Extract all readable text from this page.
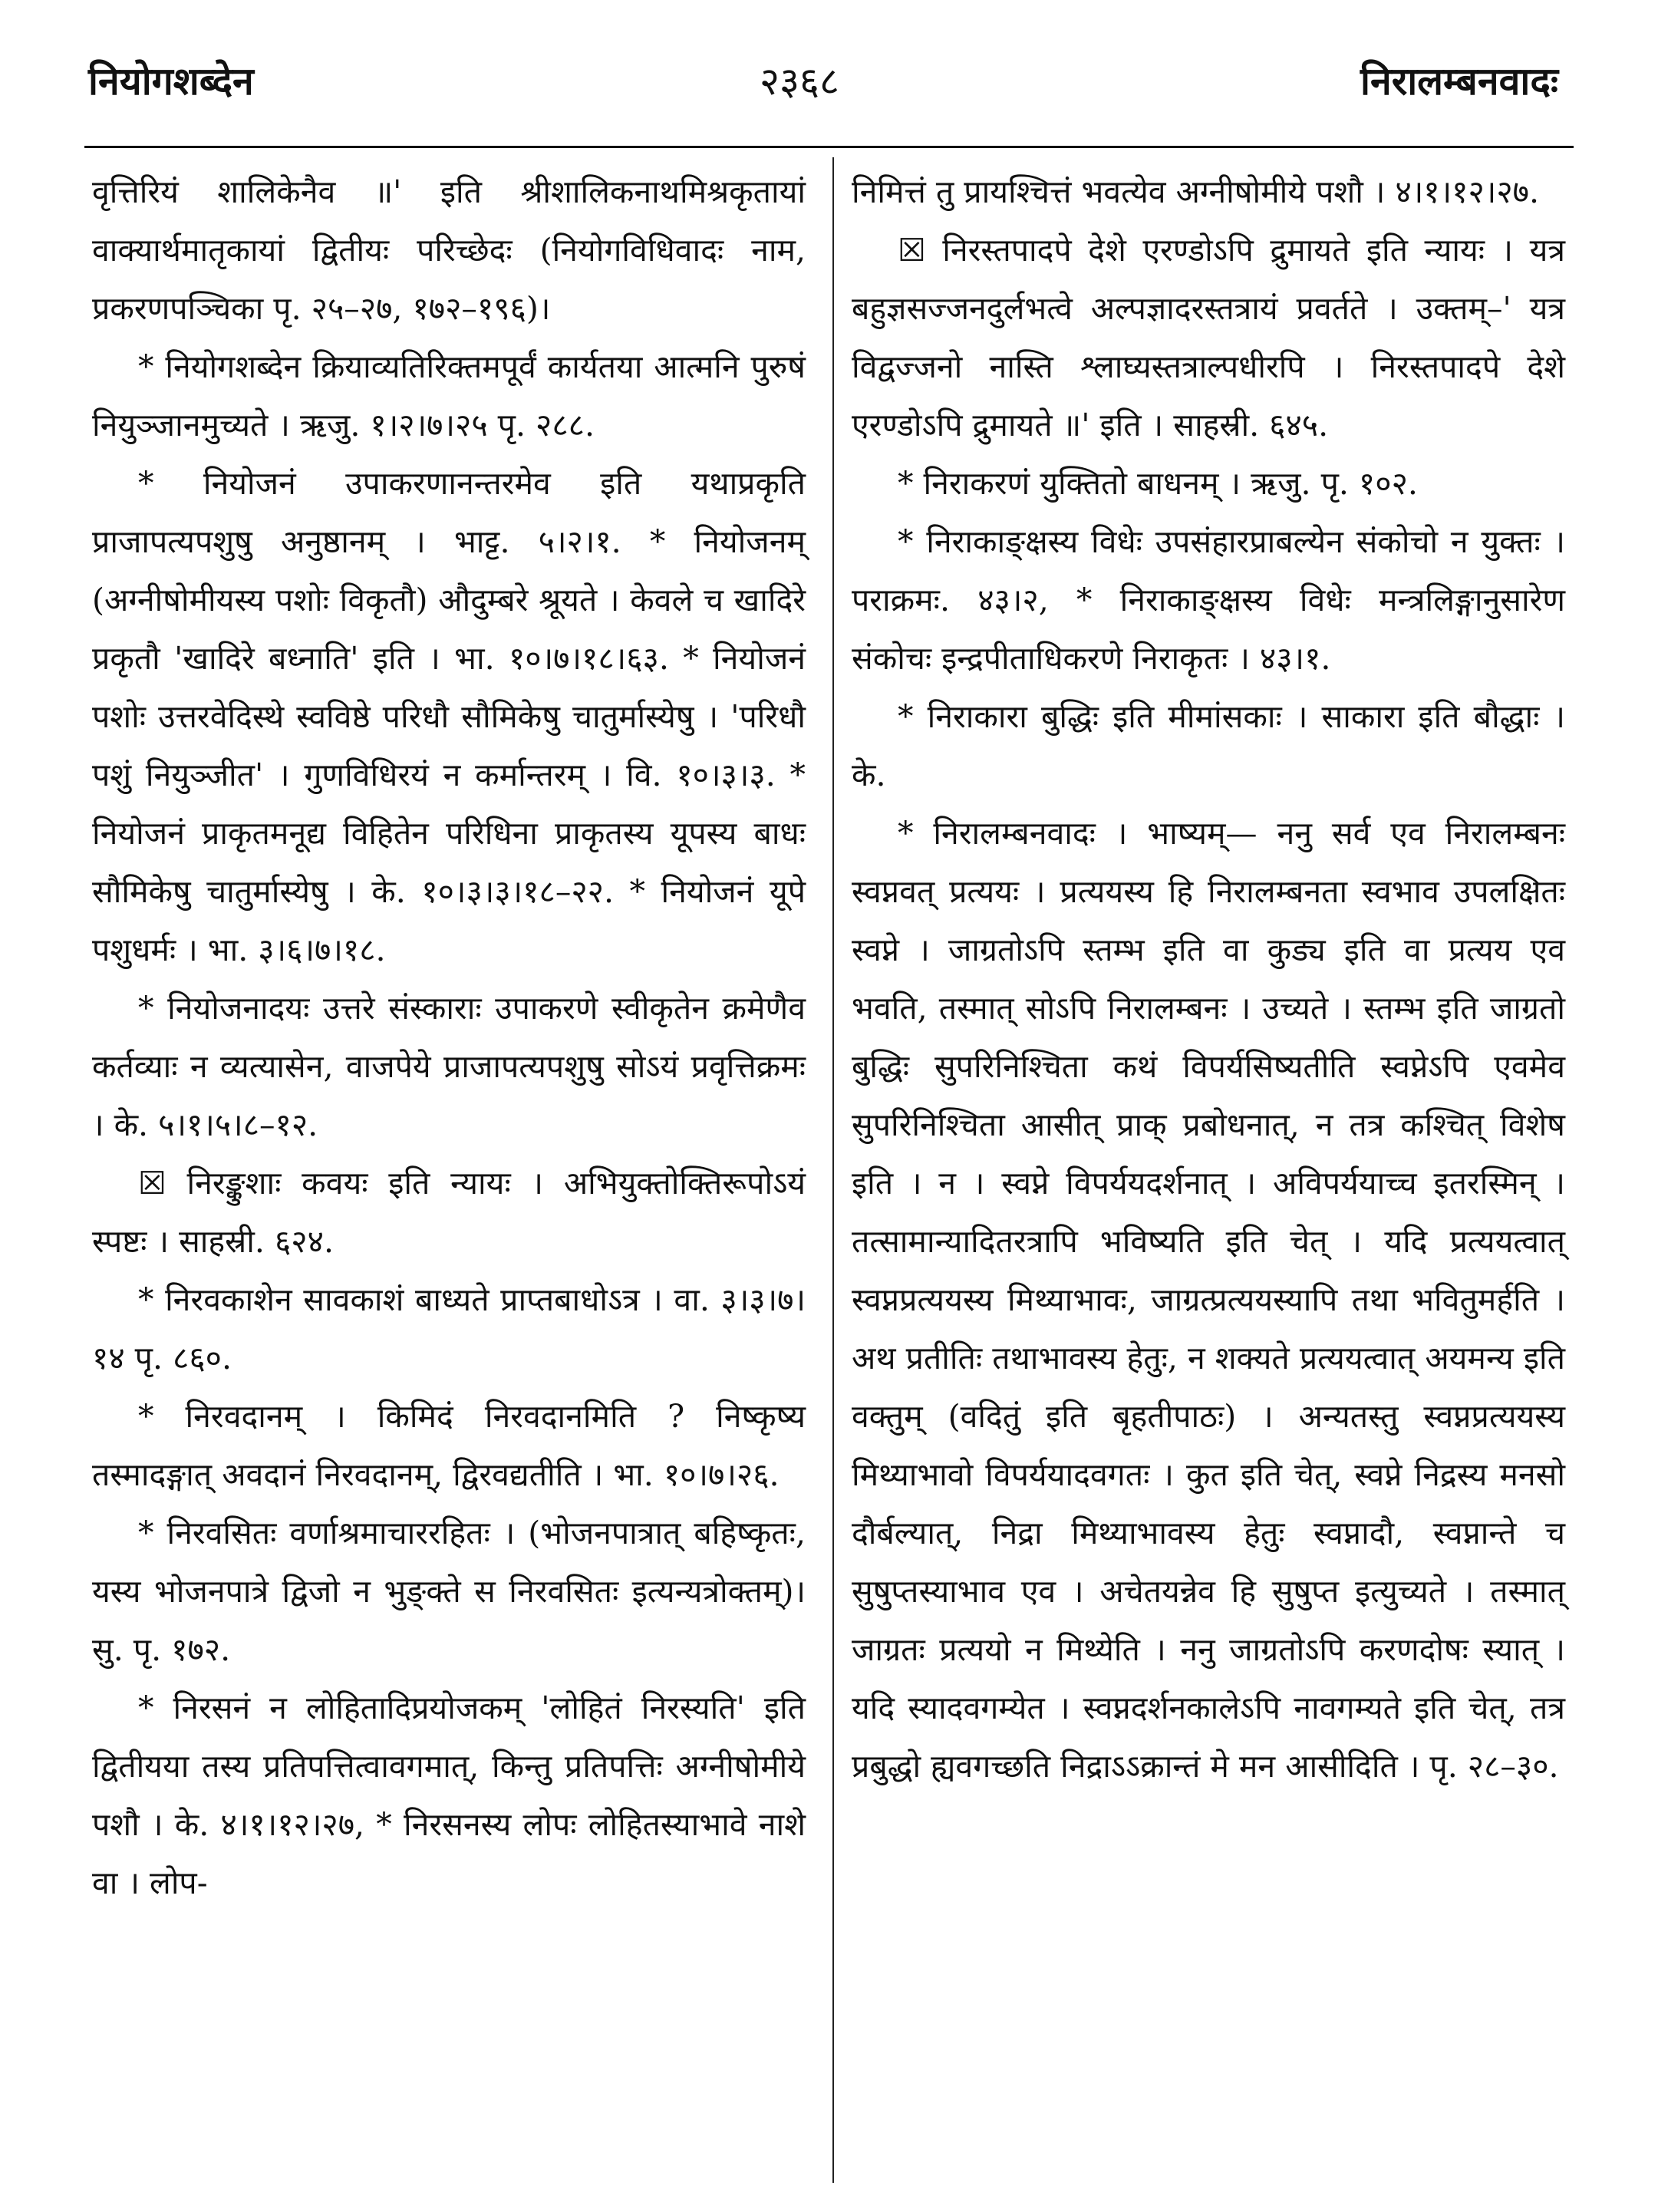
नियोगशब्देन	२३६८	निरालम्बनवादः

वृत्तिरियं शालिकेनैव ॥' इति श्रीशालिकनाथमिश्रकृतायां वाक्यार्थमातृकायां द्वितीयः परिच्छेदः (नियोगविधिवादः नाम, प्रकरणपञ्चिका पृ. २५–२७, १७२–१९६)।

* नियोगशब्देन क्रियाव्यतिरिक्तमपूर्वं कार्यतया आत्मनि पुरुषं नियुञ्जानमुच्यते । ऋजु. १।२।७।२५ पृ. २८८.

* नियोजनं उपाकरणानन्तरमेव इति यथाप्रकृति प्राजापत्यपशुषु अनुष्ठानम् । भाट्ट. ५।२।१. * नियोजनम् (अग्नीषोमीयस्य पशोः विकृतौ) औदुम्बरे श्रूयते । केवले च खादिरे प्रकृतौ 'खादिरे बध्नाति' इति । भा. १०।७।१८।६३. * नियोजनं पशोः उत्तरवेदिस्थे स्वविष्ठे परिधौ सौमिकेषु चातुर्मास्येषु । 'परिधौ पशुं नियुञ्जीत' । गुणविधिरयं न कर्मान्तरम् । वि. १०।३।३. * नियोजनं प्राकृतमनूद्य विहितेन परिधिना प्राकृतस्य यूपस्य बाधः सौमिकेषु चातुर्मास्येषु । के. १०।३।३।१८–२२. * नियोजनं यूपे पशुधर्मः । भा. ३।६।७।१८.

* नियोजनादयः उत्तरे संस्काराः उपाकरणे स्वीकृतेन क्रमेणैव कर्तव्याः न व्यत्यासेन, वाजपेये प्राजापत्यपशुषु सोऽयं प्रवृत्तिक्रमः । के. ५।१।५।८–१२.

☒ निरङ्कुशाः कवयः इति न्यायः । अभियुक्तोक्तिरूपोऽयं स्पष्टः । साहस्री. ६२४.

* निरवकाशेन सावकाशं बाध्यते प्राप्तबाधोऽत्र । वा. ३।३।७।१४ पृ. ८६०.

* निरवदानम् । किमिदं निरवदानमिति ? निष्कृष्य तस्मादङ्गात् अवदानं निरवदानम्, द्विरवद्यतीति । भा. १०।७।२६.

* निरवसितः वर्णाश्रमाचाररहितः । (भोजनपात्रात् बहिष्कृतः, यस्य भोजनपात्रे द्विजो न भुङ्क्ते स निरवसितः इत्यन्यत्रोक्तम्)। सु. पृ. १७२.

* निरसनं न लोहितादिप्रयोजकम् 'लोहितं निरस्यति' इति द्वितीयया तस्य प्रतिपत्तित्वावगमात्, किन्तु प्रतिपत्तिः अग्नीषोमीये पशौ । के. ४।१।१२।२७, * निरसनस्य लोपः लोहितस्याभावे नाशे वा । लोप-

निमित्तं तु प्रायश्चित्तं भवत्येव अग्नीषोमीये पशौ । ४।१।१२।२७.

☒ निरस्तपादपे देशे एरण्डोऽपि द्रुमायते इति न्यायः । यत्र बहुज्ञसज्जनदुर्लभत्वे अल्पज्ञादरस्तत्रायं प्रवर्तते । उक्तम्–' यत्र विद्वज्जनो नास्ति श्लाघ्यस्तत्राल्पधीरपि । निरस्तपादपे देशे एरण्डोऽपि द्रुमायते ॥' इति । साहस्री. ६४५.

* निराकरणं युक्तितो बाधनम् । ऋजु. पृ. १०२.

* निराकाङ्क्षस्य विधेः उपसंहारप्राबल्येन संकोचो न युक्तः । पराक्रमः. ४३।२, * निराकाङ्क्षस्य विधेः मन्त्रलिङ्गानुसारेण संकोचः इन्द्रपीताधिकरणे निराकृतः । ४३।१.

* निराकारा बुद्धिः इति मीमांसकाः । साकारा इति बौद्धाः । के.

* निरालम्बनवादः । भाष्यम्— ननु सर्व एव निरालम्बनः स्वप्नवत् प्रत्ययः । प्रत्ययस्य हि निरालम्बनता स्वभाव उपलक्षितः स्वप्ने । जाग्रतोऽपि स्तम्भ इति वा कुड्य इति वा प्रत्यय एव भवति, तस्मात् सोऽपि निरालम्बनः । उच्यते । स्तम्भ इति जाग्रतो बुद्धिः सुपरिनिश्चिता कथं विपर्यसिष्यतीति स्वप्नेऽपि एवमेव सुपरिनिश्चिता आसीत् प्राक् प्रबोधनात्, न तत्र कश्चित् विशेष इति । न । स्वप्ने विपर्ययदर्शनात् । अविपर्ययाच्च इतरस्मिन् । तत्सामान्यादितरत्रापि भविष्यति इति चेत् । यदि प्रत्ययत्वात् स्वप्नप्रत्ययस्य मिथ्याभावः, जाग्रत्प्रत्ययस्यापि तथा भवितुमर्हति । अथ प्रतीतिः तथाभावस्य हेतुः, न शक्यते प्रत्ययत्वात् अयमन्य इति वक्तुम् (वदितुं इति बृहतीपाठः) । अन्यतस्तु स्वप्नप्रत्ययस्य मिथ्याभावो विपर्ययादवगतः । कुत इति चेत्, स्वप्ने निद्रस्य मनसो दौर्बल्यात्, निद्रा मिथ्याभावस्य हेतुः स्वप्नादौ, स्वप्नान्ते च सुषुप्तस्याभाव एव । अचेतयन्नेव हि सुषुप्त इत्युच्यते । तस्मात् जाग्रतः प्रत्ययो न मिथ्येति । ननु जाग्रतोऽपि करणदोषः स्यात् । यदि स्यादवगम्येत । स्वप्नदर्शनकालेऽपि नावगम्यते इति चेत्, तत्र प्रबुद्धो ह्यवगच्छति निद्राऽऽक्रान्तं मे मन आसीदिति । पृ. २८–३०.
